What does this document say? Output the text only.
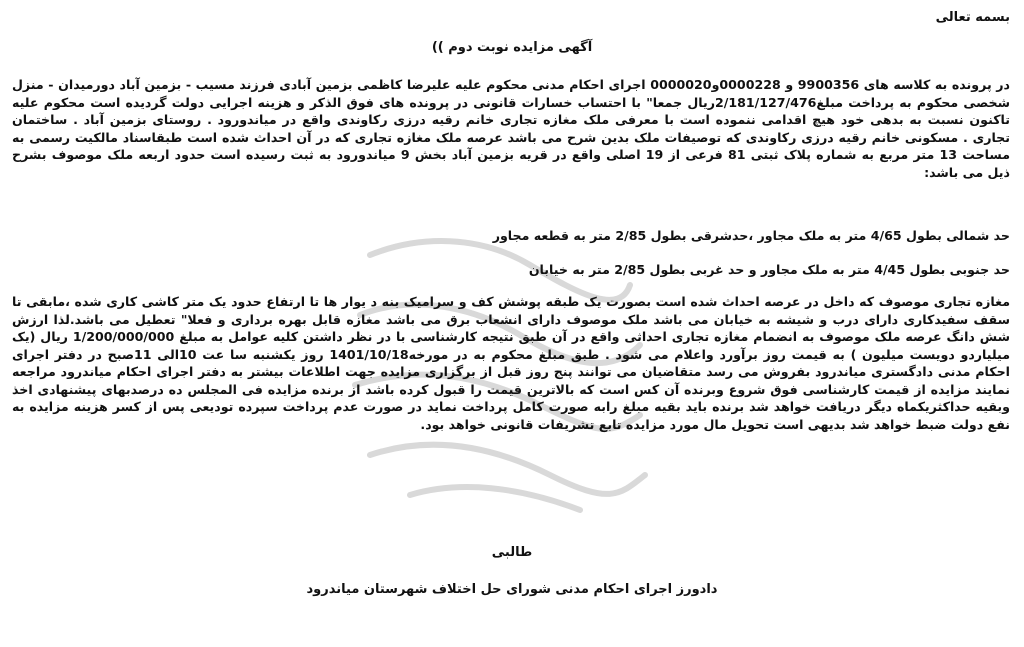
بسمه تعالی
آگهی مزایده نوبت دوم ))
در پرونده به کلاسه های 9900356 و 0000228و0000020 اجرای احکام مدنی محکوم علیه علیرضا کاظمی بزمین آبادی فرزند مسیب - بزمین آباد دورمیدان - منزل شخصی محکوم به پرداخت مبلغ2/181/127/476ریال جمعا" با احتساب خسارات قانونی در پرونده های فوق الذکر و هزینه اجرایی دولت گردیده است محکوم علیه تاکنون نسبت به بدهی خود هیچ اقدامی ننموده است با معرفی ملک مغازه تجاری خانم رقیه درزی رکاوندی واقع در میاندورود . روستای بزمین آباد . ساختمان تجاری . مسکونی خانم رقیه درزی رکاوندی که توصیفات ملک بدین شرح می باشد عرصه ملک مغازه تجاری که در آن احداث شده است طبقاسناد مالکیت رسمی به مساحت 13 متر مربع به شماره پلاک ثبتی 81 فرعی از 19 اصلی واقع در قریه بزمین آباد بخش 9 میاندورود به ثبت رسیده است حدود اربعه ملک موصوف بشرح ذیل می باشد:
حد شمالی بطول 4/65 متر به ملک مجاور ،حدشرقی بطول 2/85 متر به قطعه مجاور
حد جنوبی بطول 4/45 متر به ملک مجاور و حد غربی بطول 2/85 متر به خیابان
مغازه تجاری موصوف که داخل در عرصه احداث شده است بصورت یک طبقه پوشش کف و سرامیک بنه د یوار ها تا ارتفاع حدود یک متر کاشی کاری شده ،مابقی تا سقف سفیدکاری دارای درب و شیشه به خیابان می باشد ملک موصوف دارای انشعاب برق می باشد مغازه قابل بهره برداری و فعلا" تعطیل می باشد.لذا ارزش شش دانگ عرصه ملک موصوف به انضمام مغازه تجاری احداثی واقع در آن طبق نتیجه کارشناسی با در نظر داشتن کلیه عوامل به مبلغ 1/200/000/000 ریال (یک میلیاردو دویست میلیون ) به قیمت روز برآورد واعلام می شود . طبق مبلغ محکوم به در مورخه1401/10/18 روز یکشنبه سا عت 10الی 11صبح در دفتر اجرای احکام مدنی دادگستری میاندرود بفروش می رسد متقاضیان می توانند پنج روز قبل از برگزاری مزایده جهت اطلاعات بیشتر به دفتر اجرای احکام میاندرود مراجعه نمایند مزایده از قیمت کارشناسی فوق شروع وبرنده آن کس است که بالاترین قیمت را قبول کرده باشد از برنده مزایده فی المجلس ده درصدبهای پیشنهادی اخذ وبقیه حداکثریکماه دیگر دریافت خواهد شد برنده باید بقیه مبلغ رابه صورت کامل پرداخت نماید در صورت عدم پرداخت سپرده تودیعی پس از کسر هزینه مزایده به نفع دولت ضبط خواهد شد بدیهی است تحویل مال مورد مزایده تابع تشریفات قانونی خواهد بود.
طالبی
دادورز اجرای احکام مدنی شورای حل اختلاف شهرستان میاندرود
